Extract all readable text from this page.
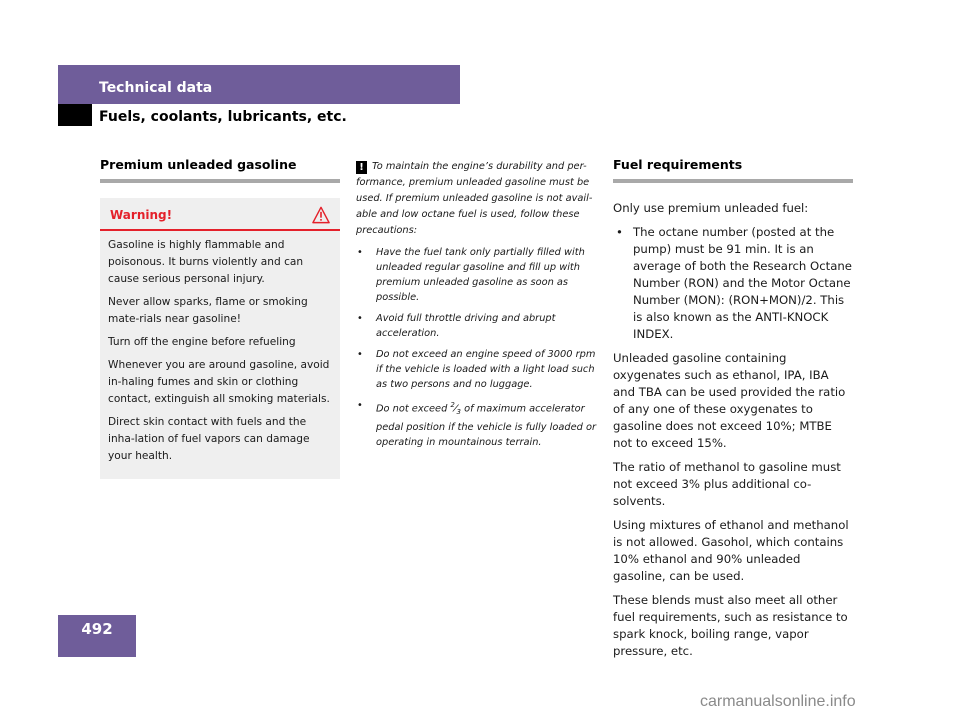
Technical data
Fuels, coolants, lubricants, etc.
Premium unleaded gasoline
Warning!

Gasoline is highly flammable and poisonous. It burns violently and can cause serious personal injury.

Never allow sparks, flame or smoking mate-rials near gasoline!

Turn off the engine before refueling

Whenever you are around gasoline, avoid in-haling fumes and skin or clothing contact, extinguish all smoking materials.

Direct skin contact with fuels and the inha-lation of fuel vapors can damage your health.

! To maintain the engine’s durability and per-formance, premium unleaded gasoline must be used. If premium unleaded gasoline is not avail-able and low octane fuel is used, follow these precautions:

• Have the fuel tank only partially filled with unleaded regular gasoline and fill up with premium unleaded gasoline as soon as possible.
• Avoid full throttle driving and abrupt acceleration.
• Do not exceed an engine speed of 3000 rpm if the vehicle is loaded with a light load such as two persons and no luggage.
• Do not exceed $^2⁄_3$ of maximum accelerator pedal position if the vehicle is fully loaded or operating in mountainous terrain.
Fuel requirements

Only use premium unleaded fuel:

• The octane number (posted at the pump) must be 91 min. It is an average of both the Research Octane Number (RON) and the Motor Octane Number (MON): (RON+MON)/2. This is also known as the ANTI-KNOCK INDEX.

Unleaded gasoline containing oxygenates such as ethanol, IPA, IBA and TBA can be used provided the ratio of any one of these oxygenates to gasoline does not exceed 10%; MTBE not to exceed 15%.

The ratio of methanol to gasoline must not exceed 3% plus additional co-solvents.

Using mixtures of ethanol and methanol is not allowed. Gasohol, which contains 10% ethanol and 90% unleaded gasoline, can be used.

These blends must also meet all other fuel requirements, such as resistance to spark knock, boiling range, vapor pressure, etc.

492
carmanualsonline.info
